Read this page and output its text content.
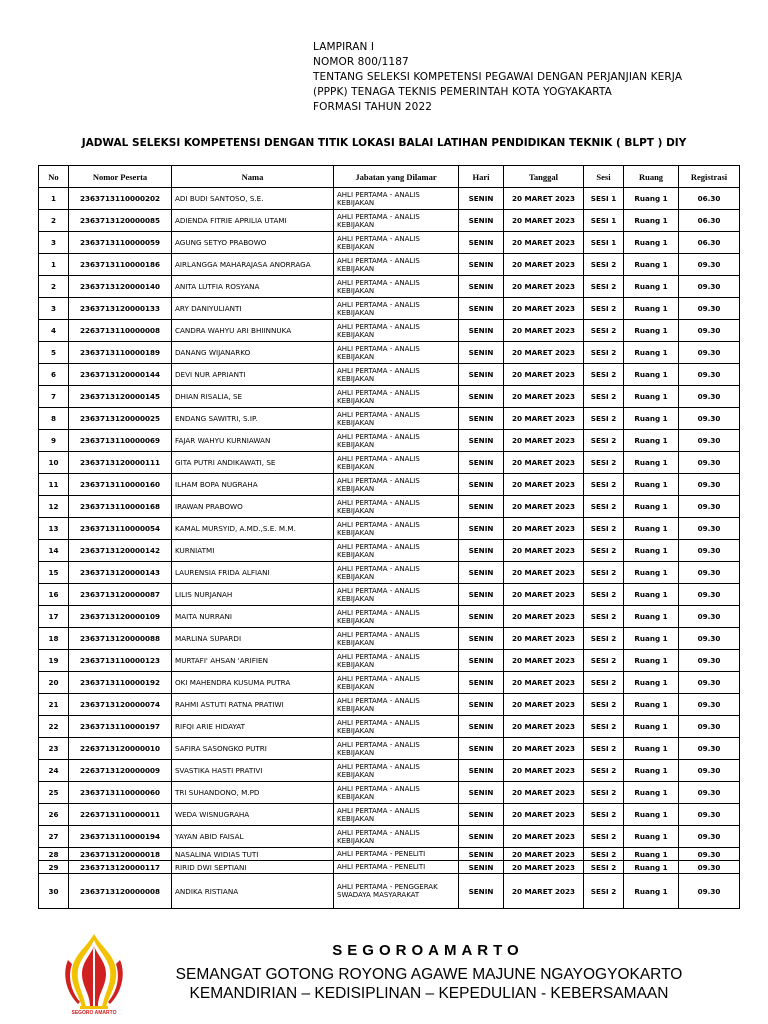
LAMPIRAN I
NOMOR 800/1187
TENTANG SELEKSI KOMPETENSI PEGAWAI DENGAN PERJANJIAN KERJA
(PPPK) TENAGA TEKNIS PEMERINTAH KOTA YOGYAKARTA
FORMASI TAHUN 2022
JADWAL SELEKSI KOMPETENSI DENGAN TITIK LOKASI BALAI LATIHAN PENDIDIKAN TEKNIK ( BLPT ) DIY
No	Nomor Peserta	Nama	Jabatan yang Dilamar	Hari	Tanggal	Sesi	Ruang	Registrasi
1	2363713110000202	ADI BUDI SANTOSO, S.E.	AHLI PERTAMA - ANALIS KEBIJAKAN	SENIN	20 MARET 2023	SESI 1	Ruang 1	06.30
2	2363713120000085	ADIENDA FITRIE APRILIA UTAMI	AHLI PERTAMA - ANALIS KEBIJAKAN	SENIN	20 MARET 2023	SESI 1	Ruang 1	06.30
3	2363713110000059	AGUNG SETYO PRABOWO	AHLI PERTAMA - ANALIS KEBIJAKAN	SENIN	20 MARET 2023	SESI 1	Ruang 1	06.30
1	2363713110000186	AIRLANGGA MAHARAJASA ANORRAGA	AHLI PERTAMA - ANALIS KEBIJAKAN	SENIN	20 MARET 2023	SESI 2	Ruang 1	09.30
2	2363713120000140	ANITA LUTFIA ROSYANA	AHLI PERTAMA - ANALIS KEBIJAKAN	SENIN	20 MARET 2023	SESI 2	Ruang 1	09.30
3	2363713120000133	ARY DANIYULIANTI	AHLI PERTAMA - ANALIS KEBIJAKAN	SENIN	20 MARET 2023	SESI 2	Ruang 1	09.30
4	2263713110000008	CANDRA WAHYU ARI BHIINNUKA	AHLI PERTAMA - ANALIS KEBIJAKAN	SENIN	20 MARET 2023	SESI 2	Ruang 1	09.30
5	2363713110000189	DANANG WIJANARKO	AHLI PERTAMA - ANALIS KEBIJAKAN	SENIN	20 MARET 2023	SESI 2	Ruang 1	09.30
6	2363713120000144	DEVI NUR APRIANTI	AHLI PERTAMA - ANALIS KEBIJAKAN	SENIN	20 MARET 2023	SESI 2	Ruang 1	09.30
7	2363713120000145	DHIAN RISALIA, SE	AHLI PERTAMA - ANALIS KEBIJAKAN	SENIN	20 MARET 2023	SESI 2	Ruang 1	09.30
8	2363713120000025	ENDANG SAWITRI, S.IP.	AHLI PERTAMA - ANALIS KEBIJAKAN	SENIN	20 MARET 2023	SESI 2	Ruang 1	09.30
9	2363713110000069	FAJAR WAHYU KURNIAWAN	AHLI PERTAMA - ANALIS KEBIJAKAN	SENIN	20 MARET 2023	SESI 2	Ruang 1	09.30
10	2363713120000111	GITA PUTRI ANDIKAWATI, SE	AHLI PERTAMA - ANALIS KEBIJAKAN	SENIN	20 MARET 2023	SESI 2	Ruang 1	09.30
11	2363713110000160	ILHAM BOPA NUGRAHA	AHLI PERTAMA - ANALIS KEBIJAKAN	SENIN	20 MARET 2023	SESI 2	Ruang 1	09.30
12	2363713110000168	IRAWAN PRABOWO	AHLI PERTAMA - ANALIS KEBIJAKAN	SENIN	20 MARET 2023	SESI 2	Ruang 1	09.30
13	2363713110000054	KAMAL MURSYID, A.MD.,S.E. M.M.	AHLI PERTAMA - ANALIS KEBIJAKAN	SENIN	20 MARET 2023	SESI 2	Ruang 1	09.30
14	2363713120000142	KURNIATMI	AHLI PERTAMA - ANALIS KEBIJAKAN	SENIN	20 MARET 2023	SESI 2	Ruang 1	09.30
15	2363713120000143	LAURENSIA FRIDA ALFIANI	AHLI PERTAMA - ANALIS KEBIJAKAN	SENIN	20 MARET 2023	SESI 2	Ruang 1	09.30
16	2363713120000087	LILIS NURJANAH	AHLI PERTAMA - ANALIS KEBIJAKAN	SENIN	20 MARET 2023	SESI 2	Ruang 1	09.30
17	2363713120000109	MAITA NURRANI	AHLI PERTAMA - ANALIS KEBIJAKAN	SENIN	20 MARET 2023	SESI 2	Ruang 1	09.30
18	2363713120000088	MARLINA SUPARDI	AHLI PERTAMA - ANALIS KEBIJAKAN	SENIN	20 MARET 2023	SESI 2	Ruang 1	09.30
19	2363713110000123	MURTAFI' AHSAN 'ARIFIEN	AHLI PERTAMA - ANALIS KEBIJAKAN	SENIN	20 MARET 2023	SESI 2	Ruang 1	09.30
20	2363713110000192	OKI MAHENDRA KUSUMA PUTRA	AHLI PERTAMA - ANALIS KEBIJAKAN	SENIN	20 MARET 2023	SESI 2	Ruang 1	09.30
21	2363713120000074	RAHMI ASTUTI RATNA PRATIWI	AHLI PERTAMA - ANALIS KEBIJAKAN	SENIN	20 MARET 2023	SESI 2	Ruang 1	09.30
22	2363713110000197	RIFQI ARIE HIDAYAT	AHLI PERTAMA - ANALIS KEBIJAKAN	SENIN	20 MARET 2023	SESI 2	Ruang 1	09.30
23	2263713120000010	SAFIRA SASONGKO PUTRI	AHLI PERTAMA - ANALIS KEBIJAKAN	SENIN	20 MARET 2023	SESI 2	Ruang 1	09.30
24	2263713120000009	SVASTIKA HASTI PRATIVI	AHLI PERTAMA - ANALIS KEBIJAKAN	SENIN	20 MARET 2023	SESI 2	Ruang 1	09.30
25	2363713110000060	TRI SUHANDONO, M.PD	AHLI PERTAMA - ANALIS KEBIJAKAN	SENIN	20 MARET 2023	SESI 2	Ruang 1	09.30
26	2263713110000011	WEDA WISNUGRAHA	AHLI PERTAMA - ANALIS KEBIJAKAN	SENIN	20 MARET 2023	SESI 2	Ruang 1	09.30
27	2363713110000194	YAYAN ABID FAISAL	AHLI PERTAMA - ANALIS KEBIJAKAN	SENIN	20 MARET 2023	SESI 2	Ruang 1	09.30
28	2363713120000018	NASALINA WIDIAS TUTI	AHLI PERTAMA - PENELITI	SENIN	20 MARET 2023	SESI 2	Ruang 1	09.30
29	2363713120000117	RIRID DWI SEPTIANI	AHLI PERTAMA - PENELITI	SENIN	20 MARET 2023	SESI 2	Ruang 1	09.30
30	2363713120000008	ANDIKA RISTIANA	AHLI PERTAMA - PENGGERAK SWADAYA MASYARAKAT	SENIN	20 MARET 2023	SESI 2	Ruang 1	09.30
SEGORO AMARTO
SEGOROAMARTO
SEMANGAT GOTONG ROYONG AGAWE MAJUNE NGAYOGYOKARTO
KEMANDIRIAN – KEDISIPLINAN – KEPEDULIAN - KEBERSAMAAN
